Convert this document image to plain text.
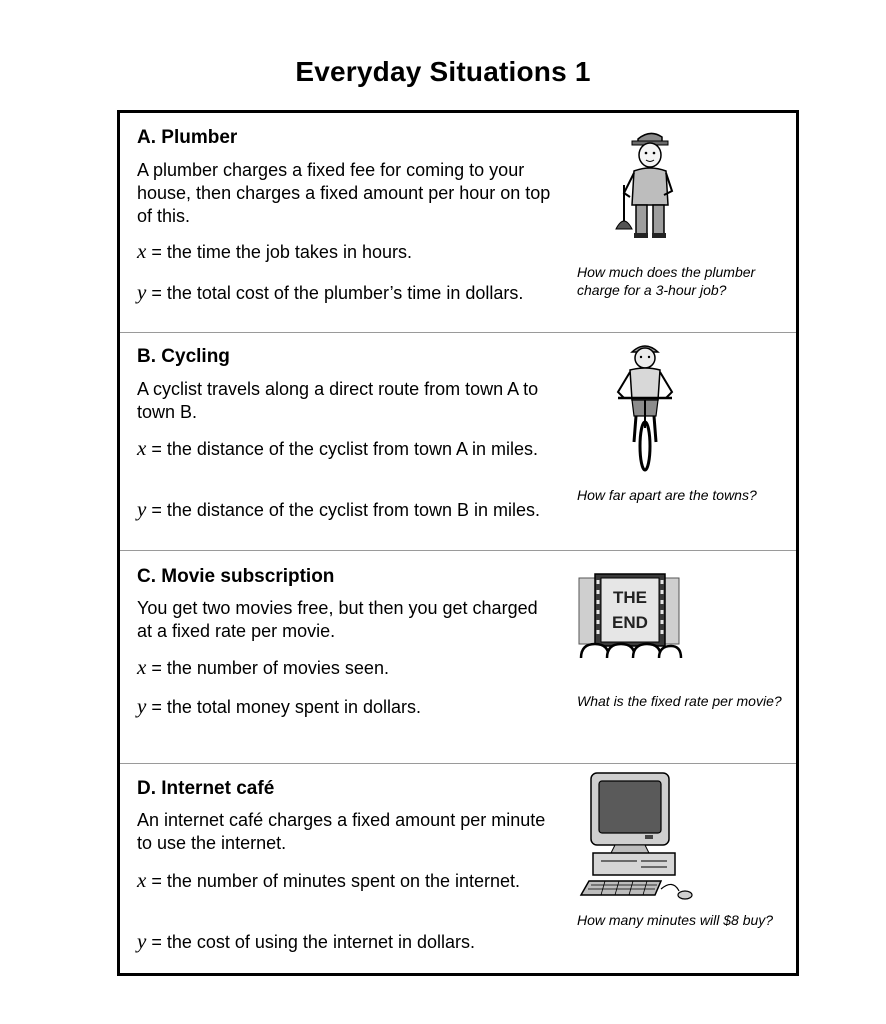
Everyday Situations 1
A. Plumber
A plumber charges a fixed fee for coming to your house, then charges a fixed amount per hour on top of this.
x = the time the job takes in hours.
y = the total cost of the plumber’s time in dollars.
How much does the plumber charge for a 3-hour job?
B. Cycling
A cyclist travels along a direct route from town A to town B.
x = the distance of the cyclist from town A in miles.
y = the distance of the cyclist from town B in miles.
How far apart are the towns?
C. Movie subscription
You get two movies free, but then you get charged at a fixed rate per movie.
x = the number of movies seen.
y = the total money spent in dollars.	What is the fixed rate per movie?
THE
END
D. Internet café
An internet café charges a fixed amount per minute to use the internet.
x = the number of minutes spent on the internet.
y = the cost of using the internet in dollars.
How many minutes will $8 buy?
